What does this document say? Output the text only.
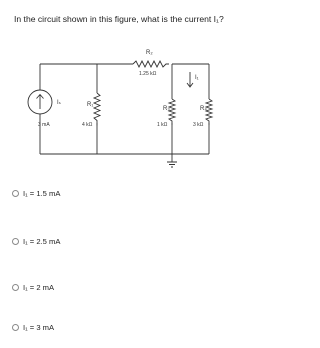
In the circuit shown in this figure, what is the current I₁?
Iₛ
3 mA
R₁
4 kΩ
R₂
1.25 kΩ
R₃
1 kΩ
R₄
3 kΩ
I₁
I₁ = 1.5 mA
I₁ = 2.5 mA
I₁ = 2 mA
I₁ = 3 mA
